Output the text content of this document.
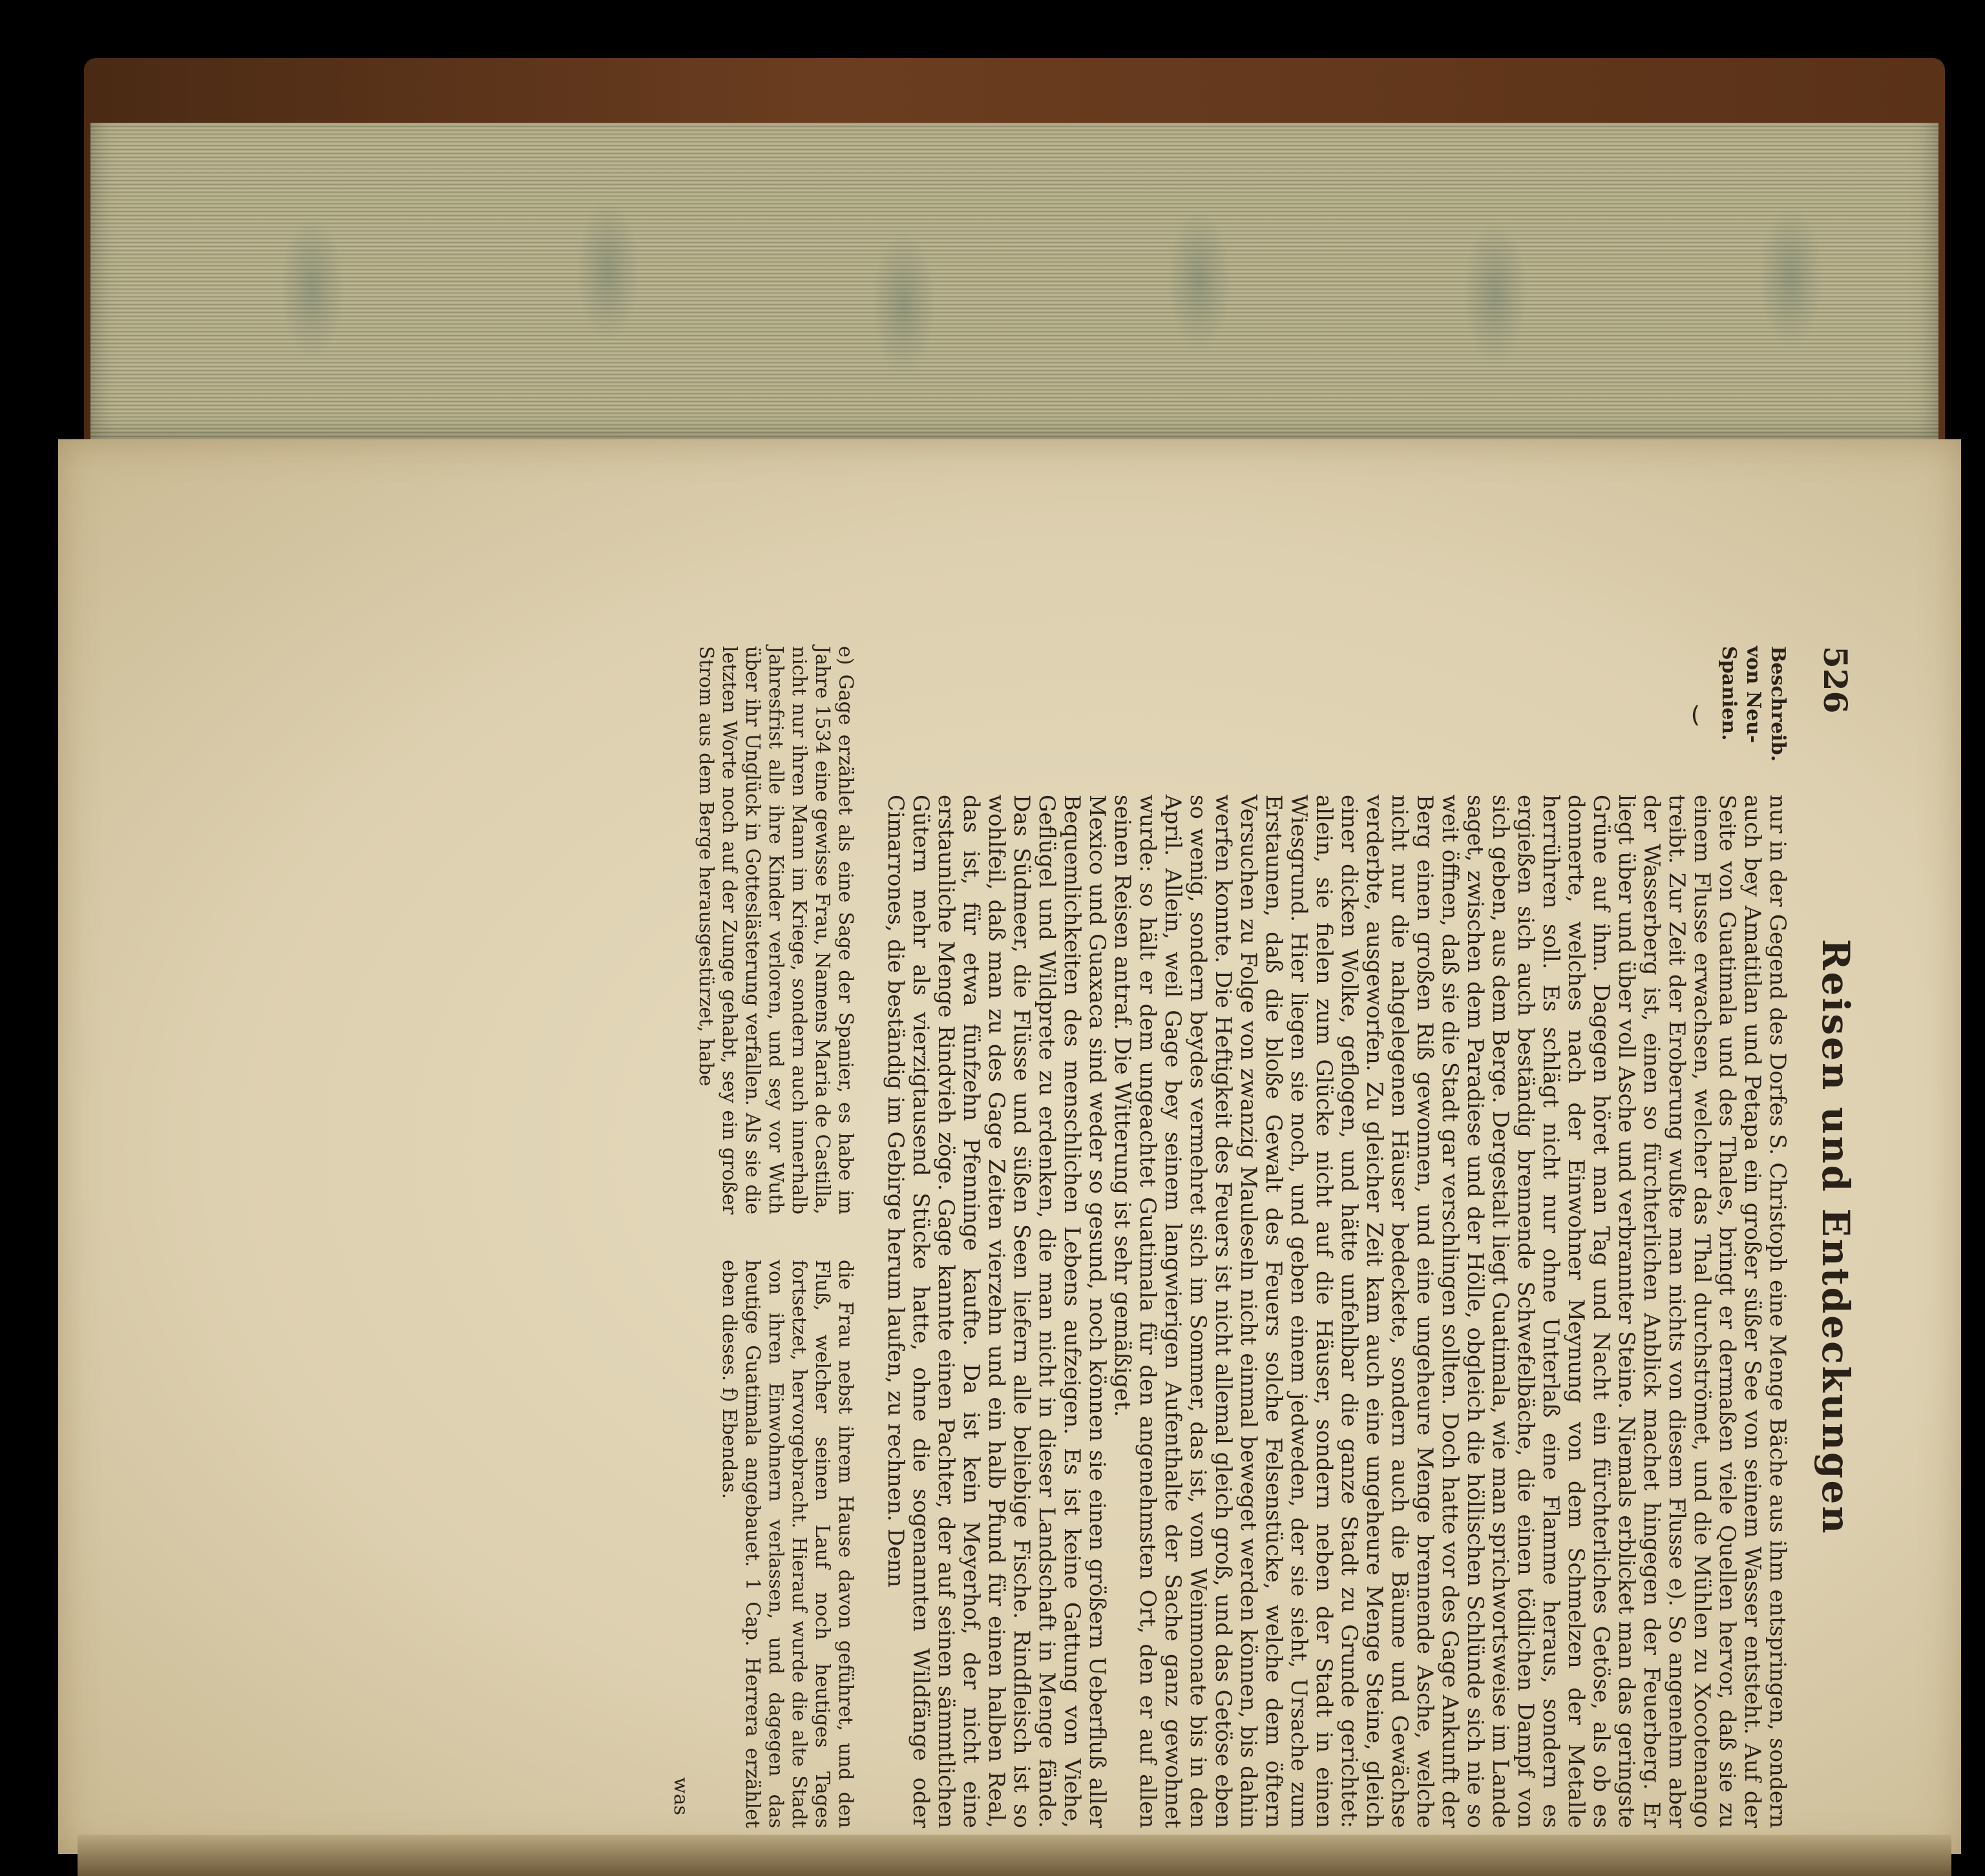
526
Reisen und Entdeckungen
Beschreib. von Neu-Spanien.
⏝

nur in der Gegend des Dorfes S. Christoph eine Menge Bäche aus ihm entspringen, sondern auch bey Amatitlan und Petapa ein großer süßer See von seinem Wasser entsteht. Auf der Seite von Guatimala und des Thales, bringt er dermaßen viele Quellen hervor, daß sie zu einem Flusse erwachsen, welcher das Thal durchströmet, und die Mühlen zu Xocotenango treibt. Zur Zeit der Eroberung wußte man nichts von diesem Flusse e). So angenehm aber der Wasserberg ist, einen so fürchterlichen Anblick machet hingegen der Feuerberg. Er liegt über und über voll Asche und verbrannter Steine. Niemals erblicket man das geringste Grüne auf ihm. Dagegen höret man Tag und Nacht ein fürchterliches Getöse, als ob es donnerte, welches nach der Einwohner Meynung von dem Schmelzen der Metalle herrühren soll. Es schlägt nicht nur ohne Unterlaß eine Flamme heraus, sondern es ergießen sich auch beständig brennende Schwefelbäche, die einen tödlichen Dampf von sich geben, aus dem Berge. Dergestalt liegt Guatimala, wie man sprichwortsweise im Lande saget, zwischen dem Paradiese und der Hölle, obgleich die höllischen Schlünde sich nie so weit öffnen, daß sie die Stadt gar verschlingen sollten. Doch hatte vor des Gage Ankunft der Berg einen großen Riß gewonnen, und eine ungeheure Menge brennende Asche, welche nicht nur die nahgelegenen Häuser bedeckete, sondern auch die Bäume und Gewächse verderbte, ausgeworfen. Zu gleicher Zeit kam auch eine ungeheure Menge Steine, gleich einer dicken Wolke, geflogen, und hätte unfehlbar die ganze Stadt zu Grunde gerichtet: allein, sie fielen zum Glücke nicht auf die Häuser, sondern neben der Stadt in einen Wiesgrund. Hier liegen sie noch, und geben einem jedweden, der sie sieht, Ursache zum Erstaunen, daß die bloße Gewalt des Feuers solche Felsenstücke, welche dem öftern Versuchen zu Folge von zwanzig Mauleseln nicht einmal beweget werden können, bis dahin werfen konnte. Die Heftigkeit des Feuers ist nicht allemal gleich groß, und das Getöse eben so wenig, sondern beydes vermehret sich im Sommer, das ist, vom Weinmonate bis in den April. Allein, weil Gage bey seinem langwierigen Aufenthalte der Sache ganz gewohnet wurde: so hält er dem ungeachtet Guatimala für den angenehmsten Ort, den er auf allen seinen Reisen antraf. Die Witterung ist sehr gemäßiget.

Mexico und Guaxaca sind weder so gesund, noch können sie einen größern Ueberfluß aller Bequemlichkeiten des menschlichen Lebens aufzeigen. Es ist keine Gattung von Viehe, Geflügel und Wildprete zu erdenken, die man nicht in dieser Landschaft in Menge fände. Das Südmeer, die Flüsse und süßen Seen liefern alle beliebige Fische. Rindfleisch ist so wohlfeil, daß man zu des Gage Zeiten vierzehn und ein halb Pfund für einen halben Real, das ist, für etwa fünfzehn Pfenninge kaufte. Da ist kein Meyerhof, der nicht eine erstaunliche Menge Rindvieh zöge. Gage kannte einen Pachter, der auf seinen sämmtlichen Gütern mehr als vierzigtausend Stücke hatte, ohne die sogenannten Wildfänge oder Cimarrones, die beständig im Gebirge herum laufen, zu rechnen. Denn

e) Gage erzählet als eine Sage der Spanier, es habe im Jahre 1534 eine gewisse Frau, Namens Maria de Castilla, nicht nur ihren Mann im Kriege, sondern auch innerhalb Jahresfrist alle ihre Kinder verloren, und sey vor Wuth über ihr Unglück in Gotteslästerung verfallen. Als sie die letzten Worte noch auf der Zunge gehabt, sey ein großer Strom aus dem Berge herausgestürzet, habe

die Frau nebst ihrem Hause davon geführet, und den Fluß, welcher seinen Lauf noch heutiges Tages fortsetzet, hervorgebracht. Hierauf wurde die alte Stadt von ihren Einwohnern verlassen, und dagegen das heutige Guatimala angebauet. 1 Cap. Herrera erzählet eben dieses. f) Ebendas.

was
